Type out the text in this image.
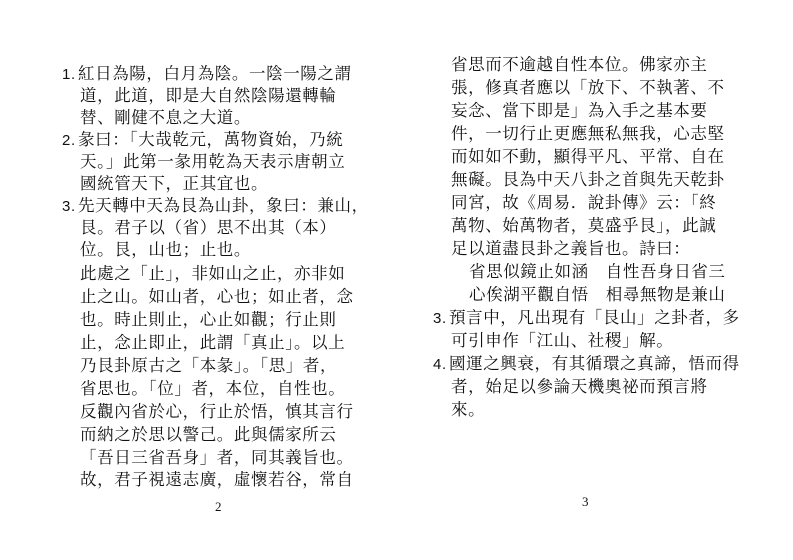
1. 紅日為陽，白月為陰。一陰一陽之謂
道，此道，即是大自然陰陽還轉輪
替、剛健不息之大道。
2. 彖曰：「大哉乾元，萬物資始，乃統
天。」此第一彖用乾為天表示唐朝立
國統管天下，正其宜也。
3. 先天轉中天為艮為山卦，象曰：兼山，
艮。君子以（省）思不出其（本）
位。艮，山也；止也。
此處之「止」，非如山之止，亦非如
止之山。如山者，心也；如止者，念
也。時止則止，心止如觀；行止則
止，念止即止，此謂「真止」。以上
乃艮卦原古之「本彖」。「思」者，
省思也。「位」者，本位，自性也。
反觀內省於心，行止於悟，慎其言行
而納之於思以警己。此與儒家所云
「吾日三省吾身」者，同其義旨也。
故，君子視遠志廣，虛懷若谷，常自
2
省思而不逾越自性本位。佛家亦主
張，修真者應以「放下、不執著、不
妄念、當下即是」為入手之基本要
件，一切行止更應無私無我，心志堅
而如如不動，顯得平凡、平常、自在
無礙。艮為中天八卦之首與先天乾卦
同宮，故《周易．說卦傳》云：「終
萬物、始萬物者，莫盛乎艮」，此誠
足以道盡艮卦之義旨也。詩曰：
省思似鏡止如涵　自性吾身日省三
心俟湖平觀自悟　相尋無物是兼山
3. 預言中，凡出現有「艮山」之卦者，多
可引申作「江山、社稷」解。
4. 國運之興衰，有其循環之真諦，悟而得
者，始足以參論天機奧祕而預言將
來。
3
